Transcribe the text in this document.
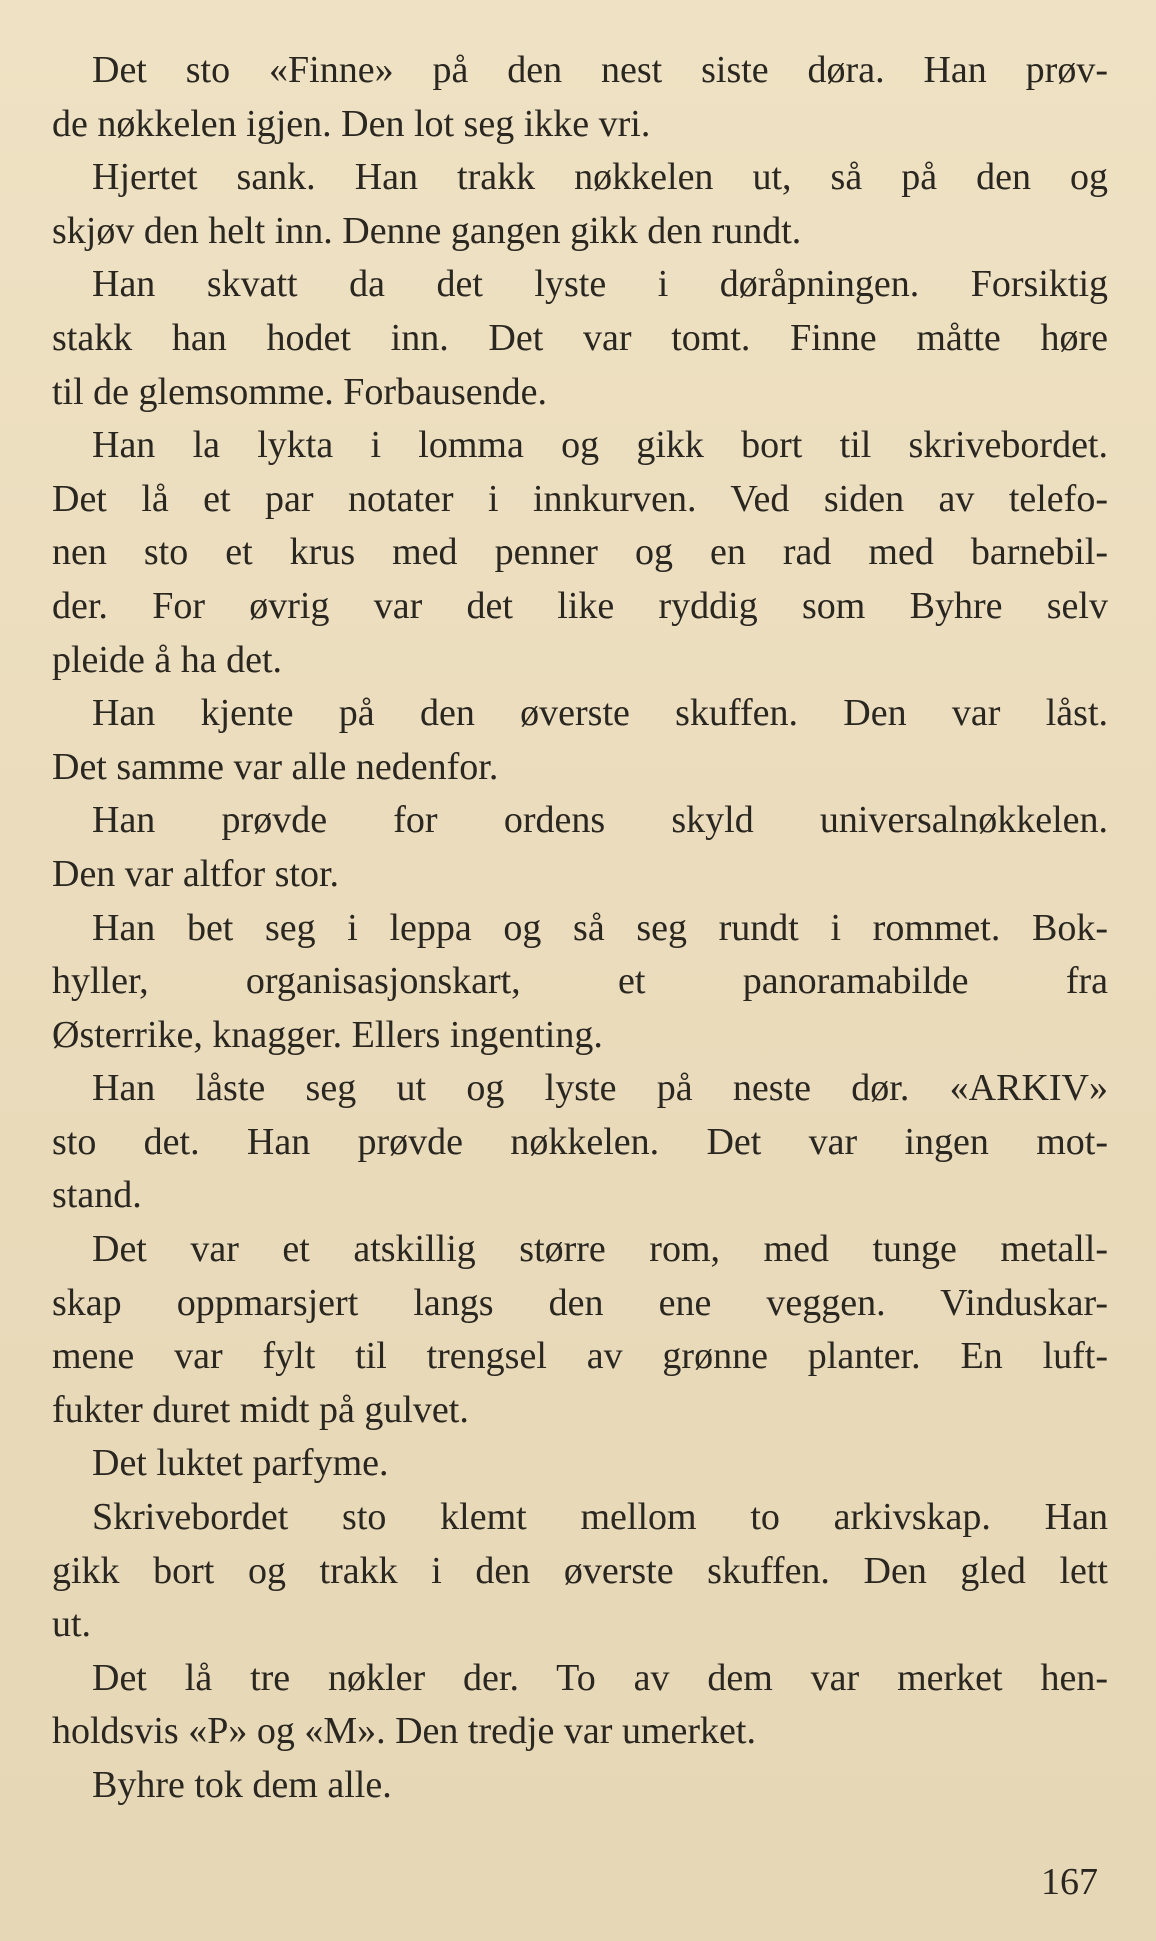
Det sto «Finne» på den nest siste døra. Han prøv-
de nøkkelen igjen. Den lot seg ikke vri.
Hjertet sank. Han trakk nøkkelen ut, så på den og
skjøv den helt inn. Denne gangen gikk den rundt.
Han skvatt da det lyste i døråpningen. Forsiktig
stakk han hodet inn. Det var tomt. Finne måtte høre
til de glemsomme. Forbausende.
Han la lykta i lomma og gikk bort til skrivebordet.
Det lå et par notater i innkurven. Ved siden av telefo-
nen sto et krus med penner og en rad med barnebil-
der. For øvrig var det like ryddig som Byhre selv
pleide å ha det.
Han kjente på den øverste skuffen. Den var låst.
Det samme var alle nedenfor.
Han prøvde for ordens skyld universalnøkkelen.
Den var altfor stor.
Han bet seg i leppa og så seg rundt i rommet. Bok-
hyller, organisasjonskart, et panoramabilde fra
Østerrike, knagger. Ellers ingenting.
Han låste seg ut og lyste på neste dør. «ARKIV»
sto det. Han prøvde nøkkelen. Det var ingen mot-
stand.
Det var et atskillig større rom, med tunge metall-
skap oppmarsjert langs den ene veggen. Vinduskar-
mene var fylt til trengsel av grønne planter. En luft-
fukter duret midt på gulvet.
Det luktet parfyme.
Skrivebordet sto klemt mellom to arkivskap. Han
gikk bort og trakk i den øverste skuffen. Den gled lett
ut.
Det lå tre nøkler der. To av dem var merket hen-
holdsvis «P» og «M». Den tredje var umerket.
Byhre tok dem alle.
167
